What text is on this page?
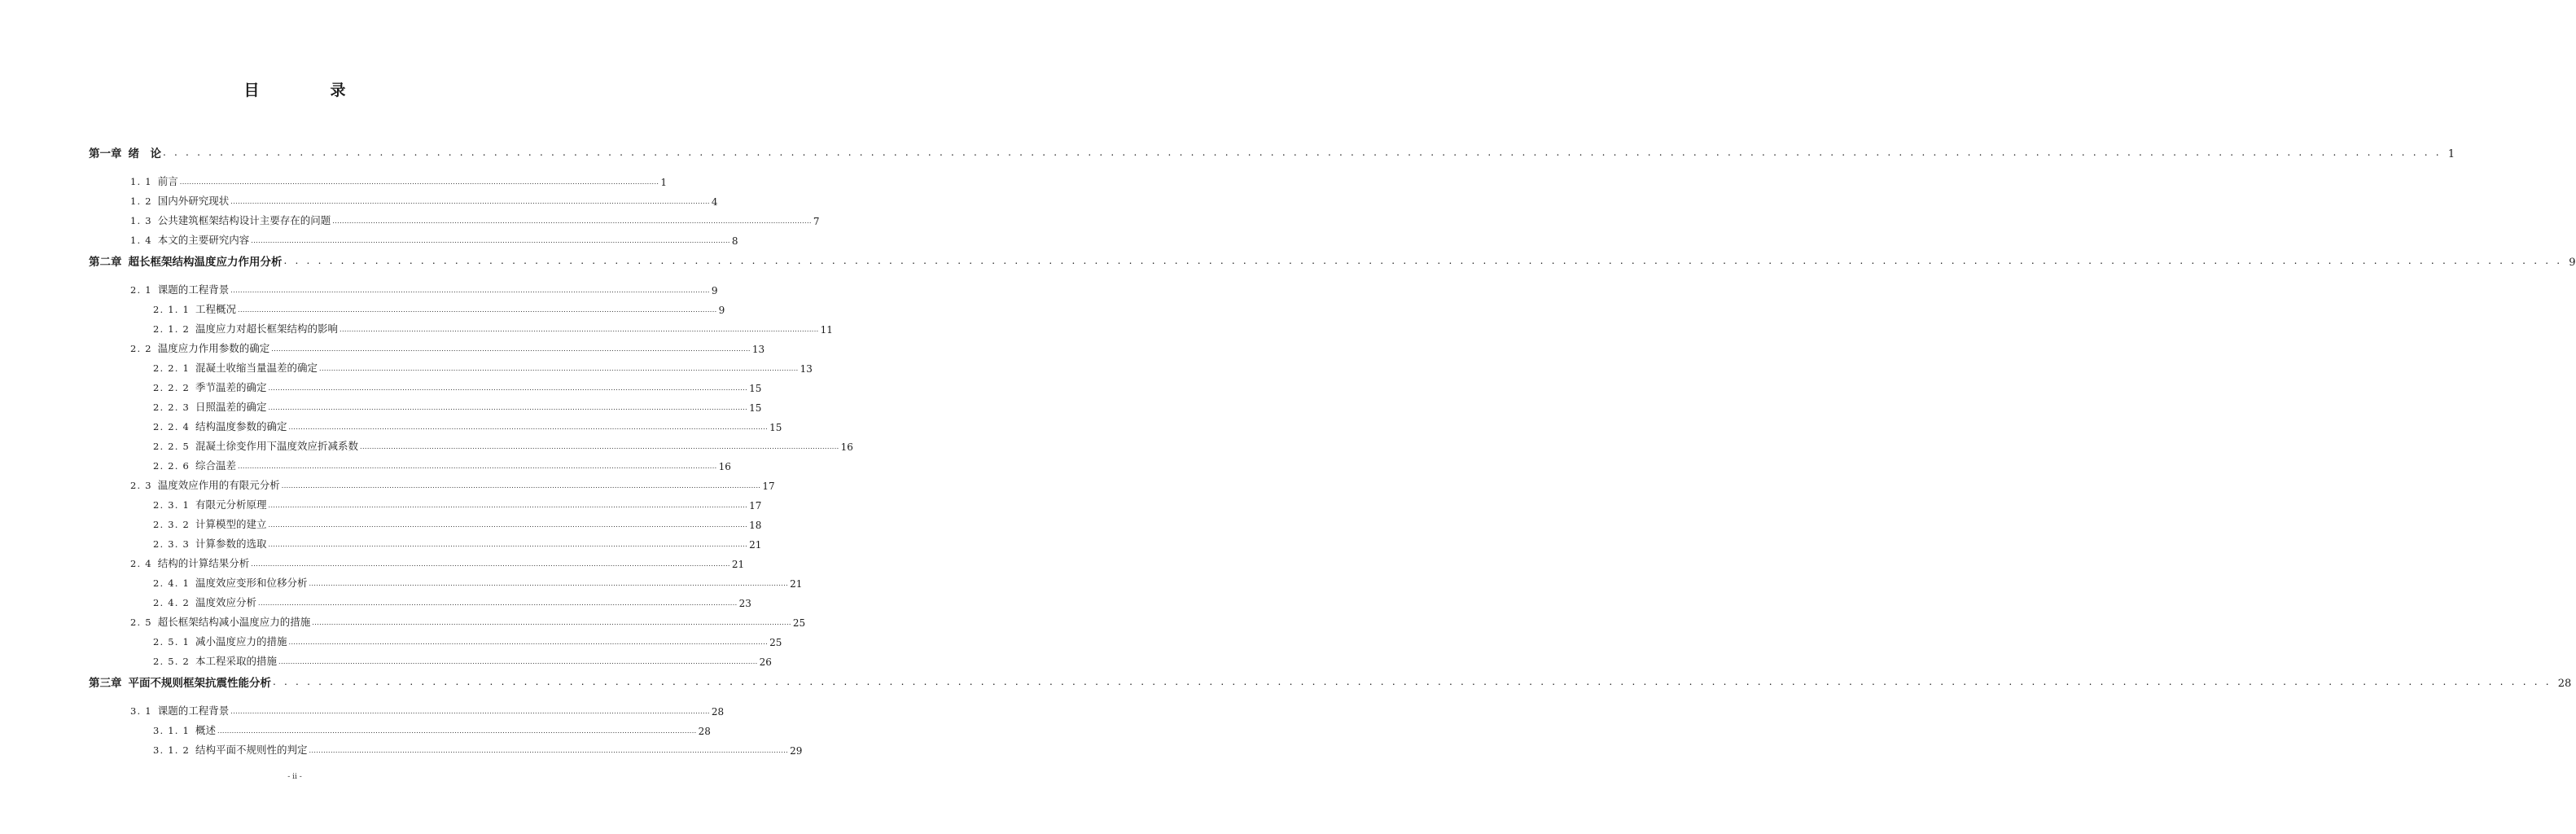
目　录
第一章 绪　论 . . . . . . . . . . . . . . . . . . . . . . . . . . . . . . . . . . . . . . . . . . . . . . . . . . . . . . . . . . . . . . . . . . . . . . . . . . . . . . . . . . . . . . . . . . . . . . . . . . . . . . . . . . . . . . . . . . . . . . . . . . . . . . . . . . . . . . . . . . . . . . . . . . . . . . . . . . . . . . . . . . . . . . . . . . . . . . . . . . . . . . . . . . . . . . . . . . . . . . . . 1
1. 1 前言 ........................................................................................................................................................................................................ 1
1. 2 国内外研究现状 ........................................................................................................................................................................................................ 4
1. 3 公共建筑框架结构设计主要存在的问题 ........................................................................................................................................................................................................ 7
1. 4 本文的主要研究内容 ........................................................................................................................................................................................................ 8
第二章 超长框架结构温度应力作用分析 . . . . . . . . . . . . . . . . . . . . . . . . . . . . . . . . . . . . . . . . . . . . . . . . . . . . . . . . . . . . . . . . . . . . . . . . . . . . . . . . . . . . . . . . . . . . . . . . . . . . . . . . . . . . . . . . . . . . . . . . . . . . . . . . . . . . . . . . . . . . . . . . . . . . . . . . . . . . . . . . . . . . . . . . . . . . . . . . . . . . . . . . . . . . . . . . . . . . . . . . 9
2. 1 课题的工程背景 ........................................................................................................................................................................................................ 9
2. 1. 1 工程概况 ........................................................................................................................................................................................................ 9
2. 1. 2 温度应力对超长框架结构的影响 ........................................................................................................................................................................................................ 11
2. 2 温度应力作用参数的确定 ........................................................................................................................................................................................................ 13
2. 2. 1 混凝土收缩当量温差的确定 ........................................................................................................................................................................................................ 13
2. 2. 2 季节温差的确定 ........................................................................................................................................................................................................ 15
2. 2. 3 日照温差的确定 ........................................................................................................................................................................................................ 15
2. 2. 4 结构温度参数的确定 ........................................................................................................................................................................................................ 15
2. 2. 5 混凝土徐变作用下温度效应折减系数 ........................................................................................................................................................................................................ 16
2. 2. 6 综合温差 ........................................................................................................................................................................................................ 16
2. 3 温度效应作用的有限元分析 ........................................................................................................................................................................................................ 17
2. 3. 1 有限元分析原理 ........................................................................................................................................................................................................ 17
2. 3. 2 计算模型的建立 ........................................................................................................................................................................................................ 18
2. 3. 3 计算参数的选取 ........................................................................................................................................................................................................ 21
2. 4 结构的计算结果分析 ........................................................................................................................................................................................................ 21
2. 4. 1 温度效应变形和位移分析 ........................................................................................................................................................................................................ 21
2. 4. 2 温度效应分析 ........................................................................................................................................................................................................ 23
2. 5 超长框架结构减小温度应力的措施 ........................................................................................................................................................................................................ 25
2. 5. 1 减小温度应力的措施 ........................................................................................................................................................................................................ 25
2. 5. 2 本工程采取的措施 ........................................................................................................................................................................................................ 26
第三章 平面不规则框架抗震性能分析 . . . . . . . . . . . . . . . . . . . . . . . . . . . . . . . . . . . . . . . . . . . . . . . . . . . . . . . . . . . . . . . . . . . . . . . . . . . . . . . . . . . . . . . . . . . . . . . . . . . . . . . . . . . . . . . . . . . . . . . . . . . . . . . . . . . . . . . . . . . . . . . . . . . . . . . . . . . . . . . . . . . . . . . . . . . . . . . . . . . . . . . . . . . . . . . . . . . . . . . . 28
3. 1 课题的工程背景 ........................................................................................................................................................................................................ 28
3. 1. 1 概述 ........................................................................................................................................................................................................ 28
3. 1. 2 结构平面不规则性的判定 ........................................................................................................................................................................................................ 29
- ii -
